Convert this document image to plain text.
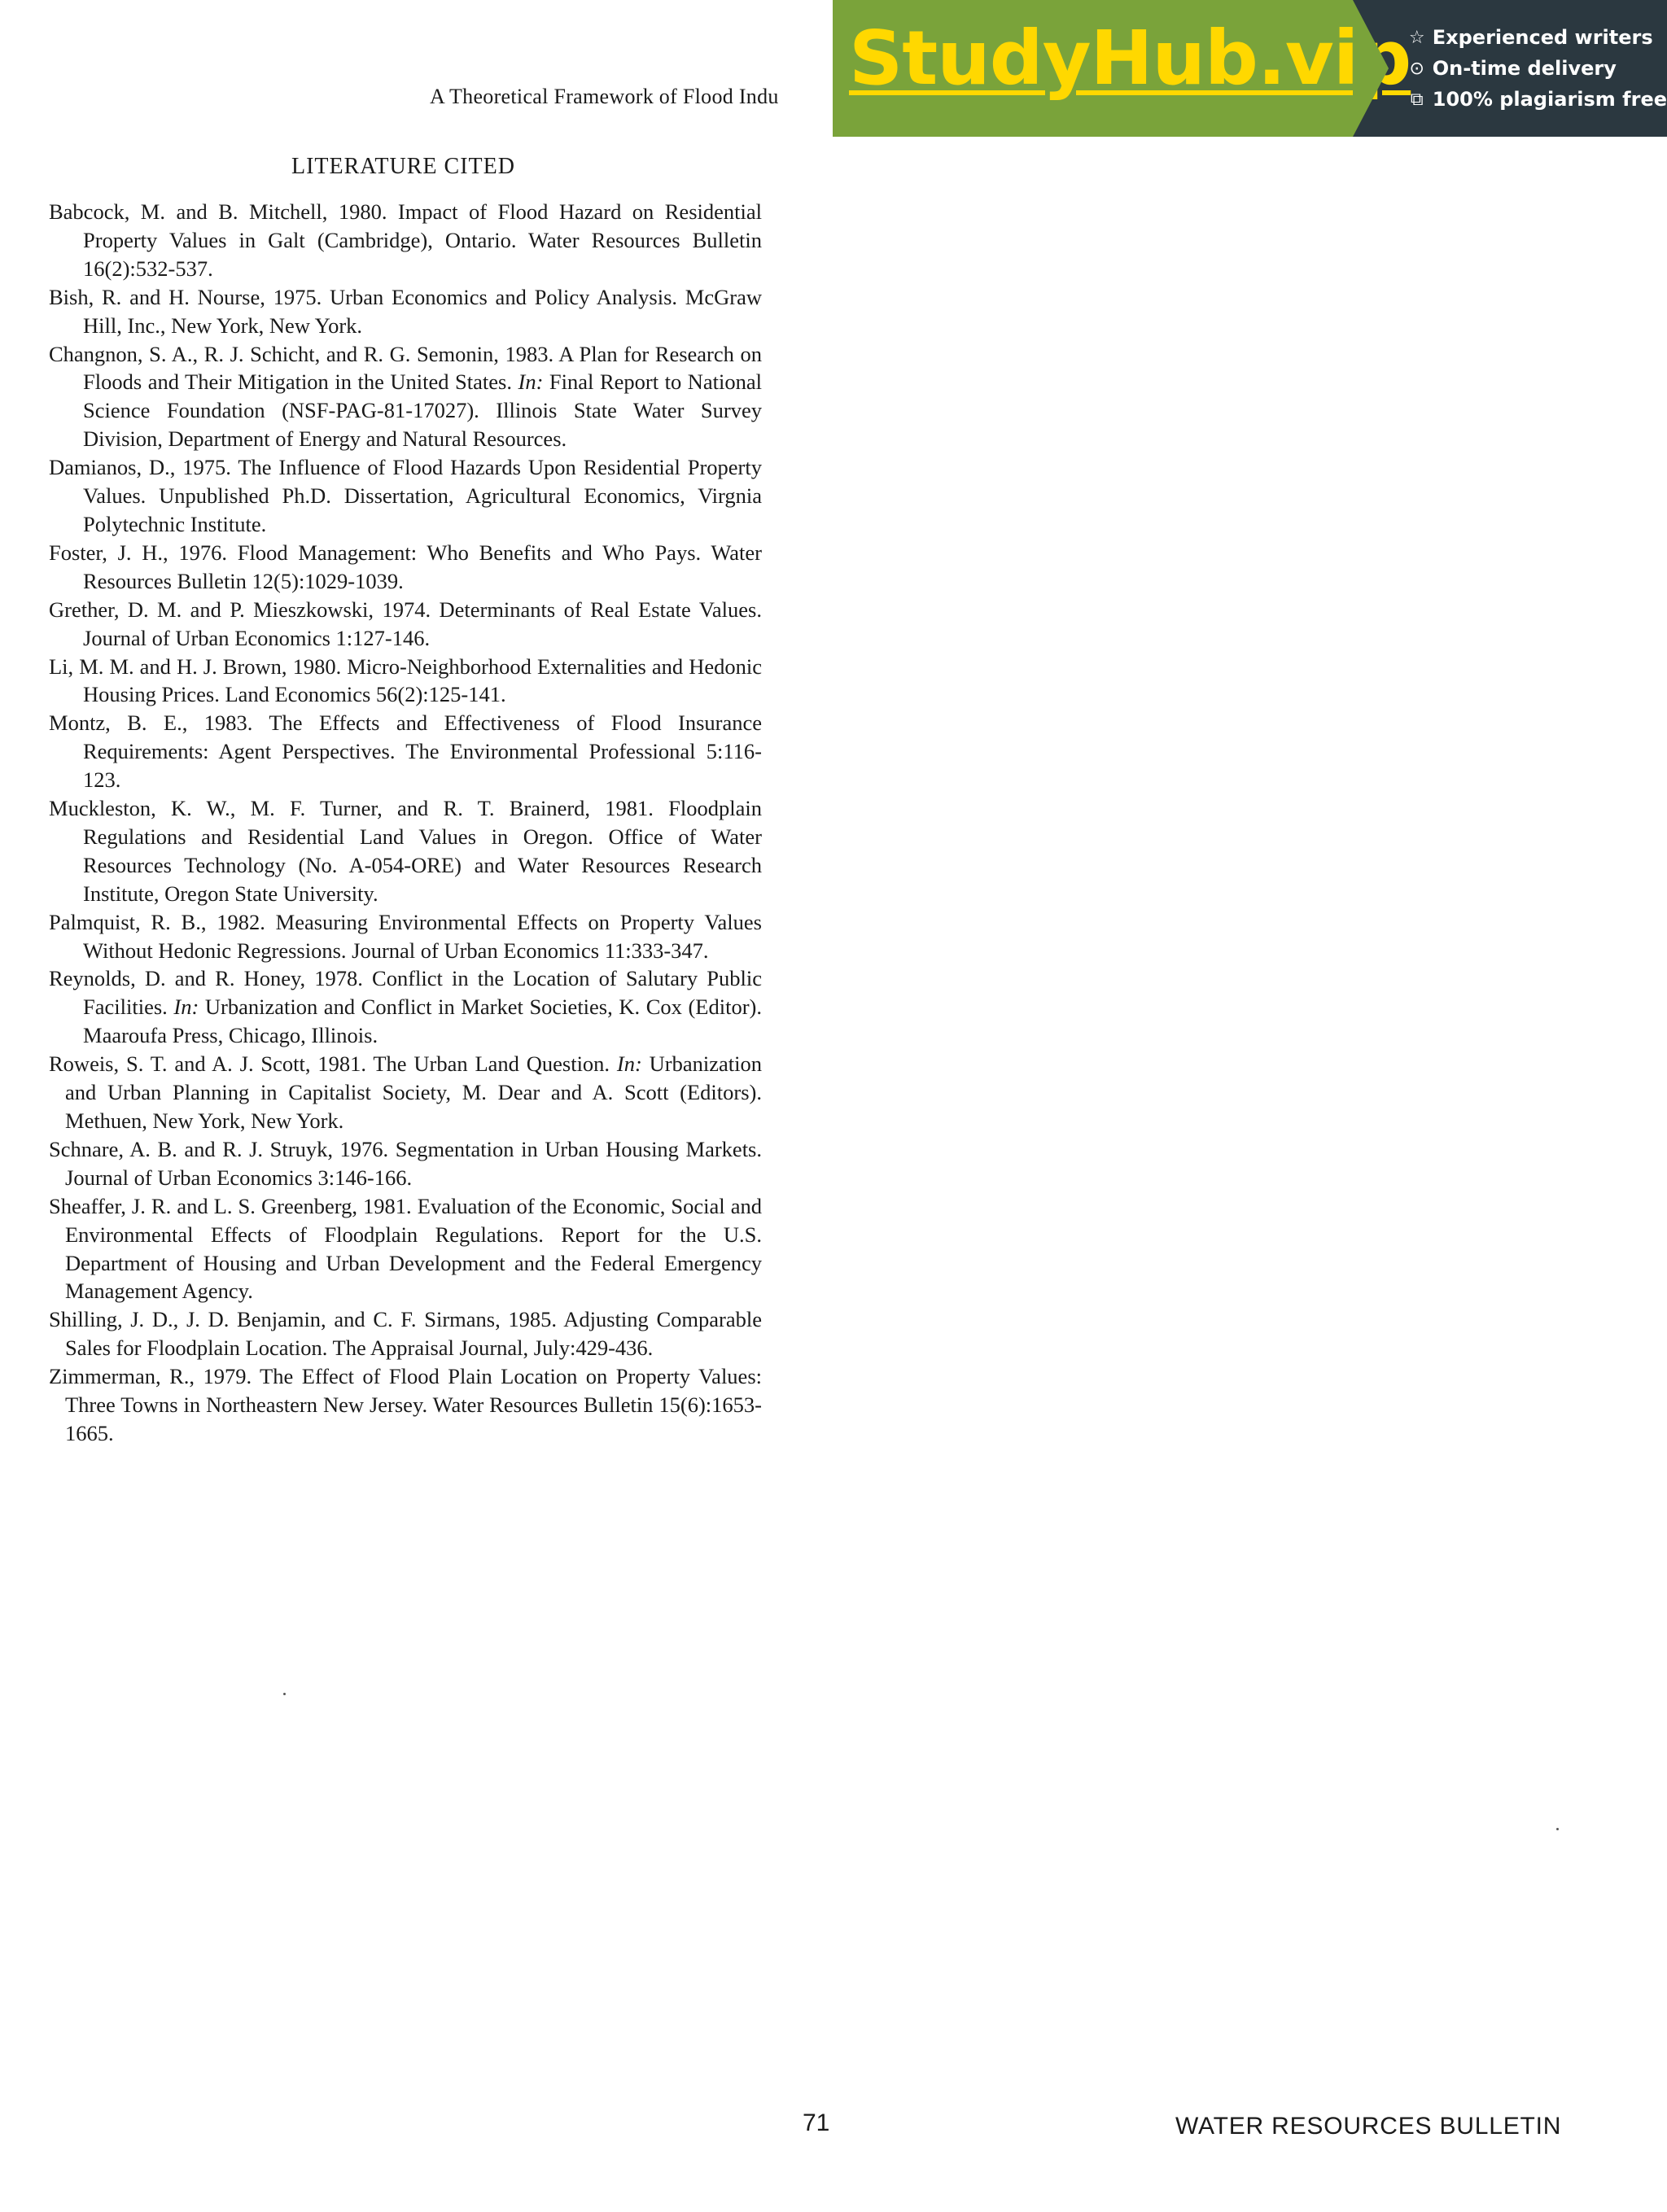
A Theoretical Framework of Flood Indu StudyHub.vip
☆ Experienced writers
⊙ On-time delivery
⧉ 100% plagiarism free
LITERATURE CITED

Babcock, M. and B. Mitchell, 1980. Impact of Flood Hazard on Residential Property Values in Galt (Cambridge), Ontario. Water Resources Bulletin 16(2):532-537.

Bish, R. and H. Nourse, 1975. Urban Economics and Policy Analysis. McGraw Hill, Inc., New York, New York.

Changnon, S. A., R. J. Schicht, and R. G. Semonin, 1983. A Plan for Research on Floods and Their Mitigation in the United States. In: Final Report to National Science Foundation (NSF-PAG-81-17027). Illinois State Water Survey Division, Department of Energy and Natural Resources.

Damianos, D., 1975. The Influence of Flood Hazards Upon Residential Property Values. Unpublished Ph.D. Dissertation, Agricultural Economics, Virgnia Polytechnic Institute.

Foster, J. H., 1976. Flood Management: Who Benefits and Who Pays. Water Resources Bulletin 12(5):1029-1039.

Grether, D. M. and P. Mieszkowski, 1974. Determinants of Real Estate Values. Journal of Urban Economics 1:127-146.

Li, M. M. and H. J. Brown, 1980. Micro-Neighborhood Externalities and Hedonic Housing Prices. Land Economics 56(2):125-141.

Montz, B. E., 1983. The Effects and Effectiveness of Flood Insurance Requirements: Agent Perspectives. The Environmental Professional 5:116-123.

Muckleston, K. W., M. F. Turner, and R. T. Brainerd, 1981. Floodplain Regulations and Residential Land Values in Oregon. Office of Water Resources Technology (No. A-054-ORE) and Water Resources Research Institute, Oregon State University.

Palmquist, R. B., 1982. Measuring Environmental Effects on Property Values Without Hedonic Regressions. Journal of Urban Economics 11:333-347.

Reynolds, D. and R. Honey, 1978. Conflict in the Location of Salutary Public Facilities. In: Urbanization and Conflict in Market Societies, K. Cox (Editor). Maaroufa Press, Chicago, Illinois.

Roweis, S. T. and A. J. Scott, 1981. The Urban Land Question. In: Urbanization and Urban Planning in Capitalist Society, M. Dear and A. Scott (Editors). Methuen, New York, New York.

Schnare, A. B. and R. J. Struyk, 1976. Segmentation in Urban Housing Markets. Journal of Urban Economics 3:146-166.

Sheaffer, J. R. and L. S. Greenberg, 1981. Evaluation of the Economic, Social and Environmental Effects of Floodplain Regulations. Report for the U.S. Department of Housing and Urban Development and the Federal Emergency Management Agency.

Shilling, J. D., J. D. Benjamin, and C. F. Sirmans, 1985. Adjusting Comparable Sales for Floodplain Location. The Appraisal Journal, July:429-436.

Zimmerman, R., 1979. The Effect of Flood Plain Location on Property Values: Three Towns in Northeastern New Jersey. Water Resources Bulletin 15(6):1653-1665.

71	WATER RESOURCES BULLETIN
